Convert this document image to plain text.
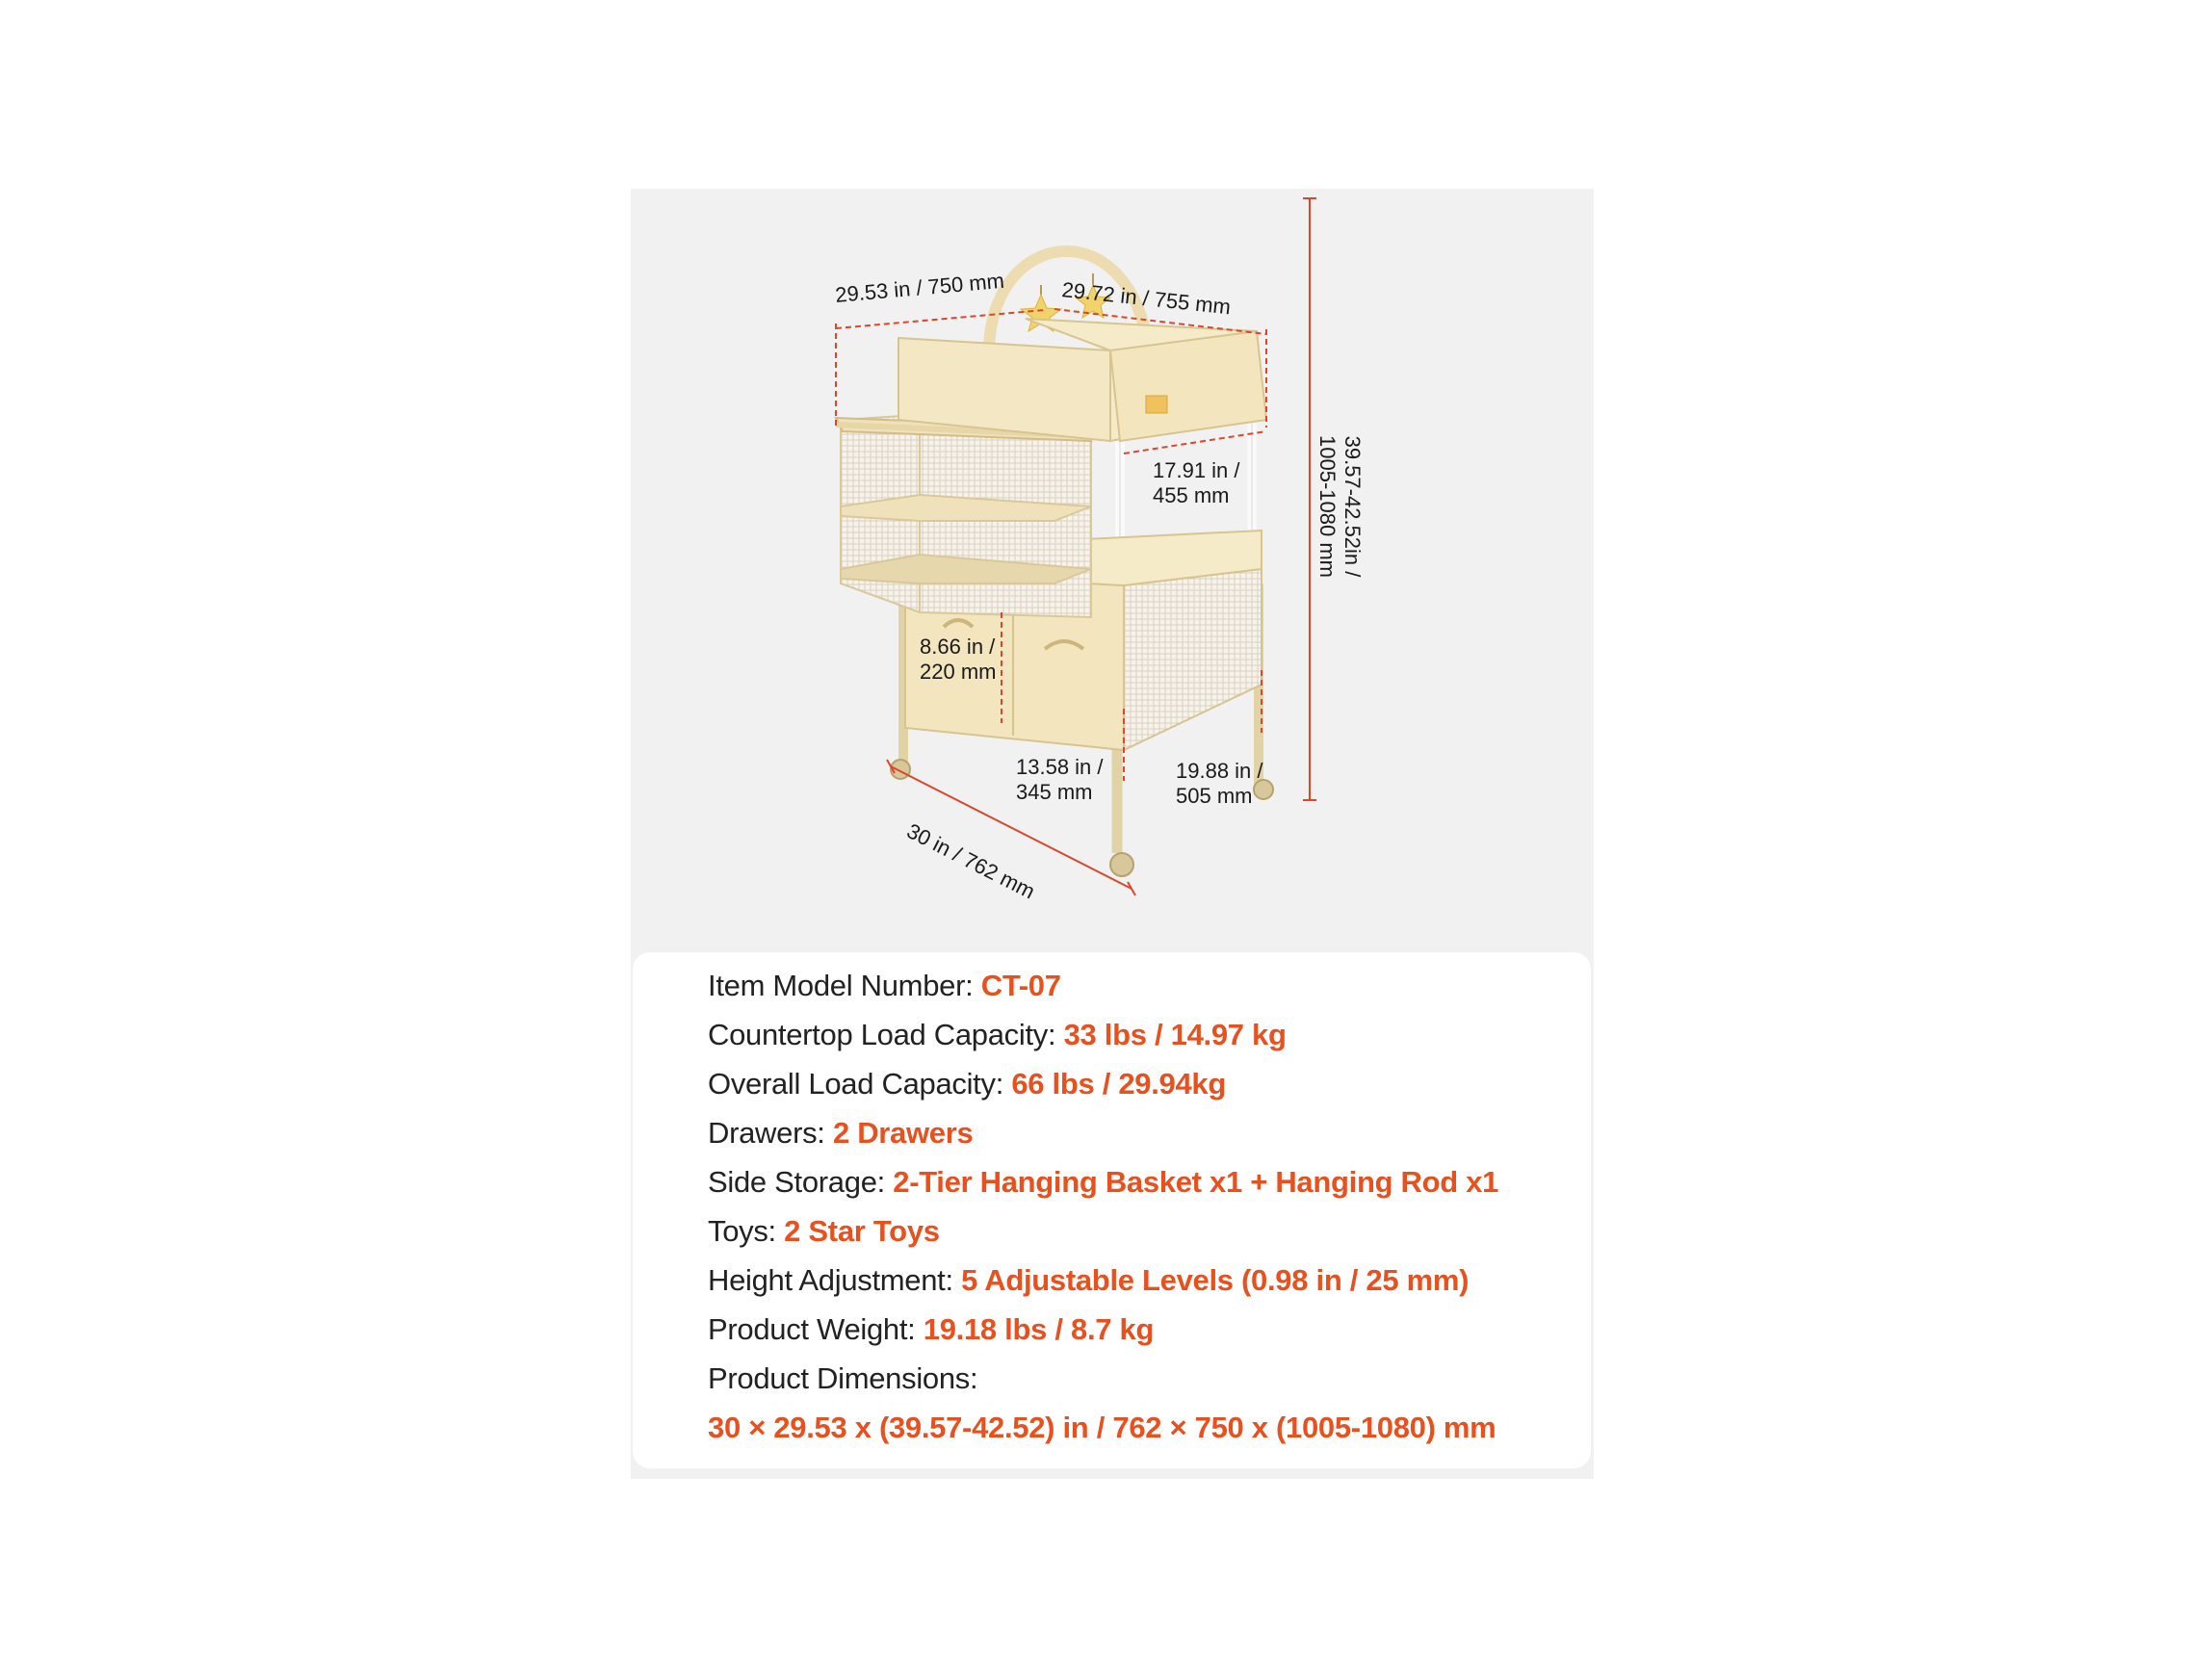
29.53 in / 750 mm	29.72 in / 755 mm
39.57-42.52in /
1005-1080 mm
17.91 in /
455 mm
8.66 in /
220 mm
13.58 in /
345 mm
19.88 in /
505 mm
30 in / 762 mm
Item Model Number: CT-07
Countertop Load Capacity: 33 lbs / 14.97 kg
Overall Load Capacity: 66 lbs / 29.94kg
Drawers: 2 Drawers
Side Storage: 2-Tier Hanging Basket x1 + Hanging Rod x1
Toys: 2 Star Toys
Height Adjustment: 5 Adjustable Levels (0.98 in / 25 mm)
Product Weight: 19.18 lbs / 8.7 kg
Product Dimensions:
30 × 29.53 x (39.57-42.52) in / 762 × 750 x (1005-1080) mm
